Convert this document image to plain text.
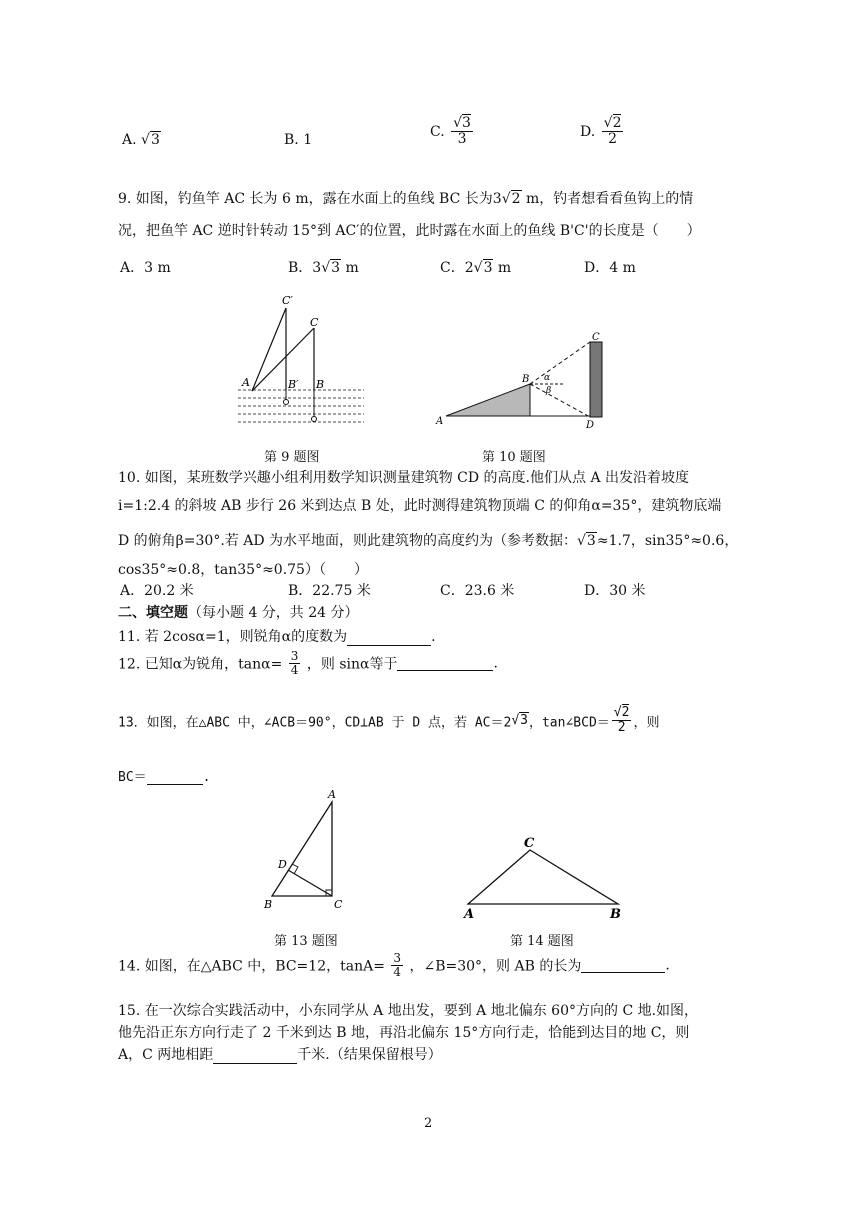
A. √3	B. 1
C. $\frac{√3}{3}$	D. $\frac{√2}{2}$
9. 如图，钓鱼竿 AC 长为 6 m，露在水面上的鱼线 BC 长为3√2 m，钓者想看看鱼钩上的情
况，把鱼竿 AC 逆时针转动 15°到 AC′的位置，此时露在水面上的鱼线 B'C'的长度是（　　）
A．3 m	B．3√3 m	C．2√3 m	D．4 m
C′
C
A	B′ B
第 9 题图
C
B α
β
A	D
第 10 题图
10. 如图，某班数学兴趣小组利用数学知识测量建筑物 CD 的高度.他们从点 A 出发沿着坡度
i=1:2.4 的斜坡 AB 步行 26 米到达点 B 处，此时测得建筑物顶端 C 的仰角α=35°，建筑物底端
D 的俯角β=30°.若 AD 为水平地面，则此建筑物的高度约为（参考数据：√3≈1.7，sin35°≈0.6，
cos35°≈0.8，tan35°≈0.75）（　　）
A．20.2 米	B．22.75 米	C．23.6 米	D．30 米
二、填空题（每小题 4 分，共 24 分）
11. 若 2cosα=1，则锐角α的度数为	.
12. 已知α为锐角，$\tan\alpha= \frac{3}{4}$ ，则 sinα等于	.
13．如图，在△ABC 中，∠ACB＝90°，CD⊥AB 于 D 点，若 AC＝2√3，tan∠BCD＝ $\frac{√2}{2}$ ，则
BC＝	.
A
D
B	C
第 13 题图
C
A	B
第 14 题图
14. 如图，在△ABC 中，BC=12，$\tan A= \frac{3}{4}$ ，∠B=30°，则 AB 的长为	.
15. 在一次综合实践活动中，小东同学从 A 地出发，要到 A 地北偏东 60°方向的 C 地.如图，
他先沿正东方向行走了 2 千米到达 B 地，再沿北偏东 15°方向行走，恰能到达目的地 C，则
A，C 两地相距	千米.（结果保留根号）
2
